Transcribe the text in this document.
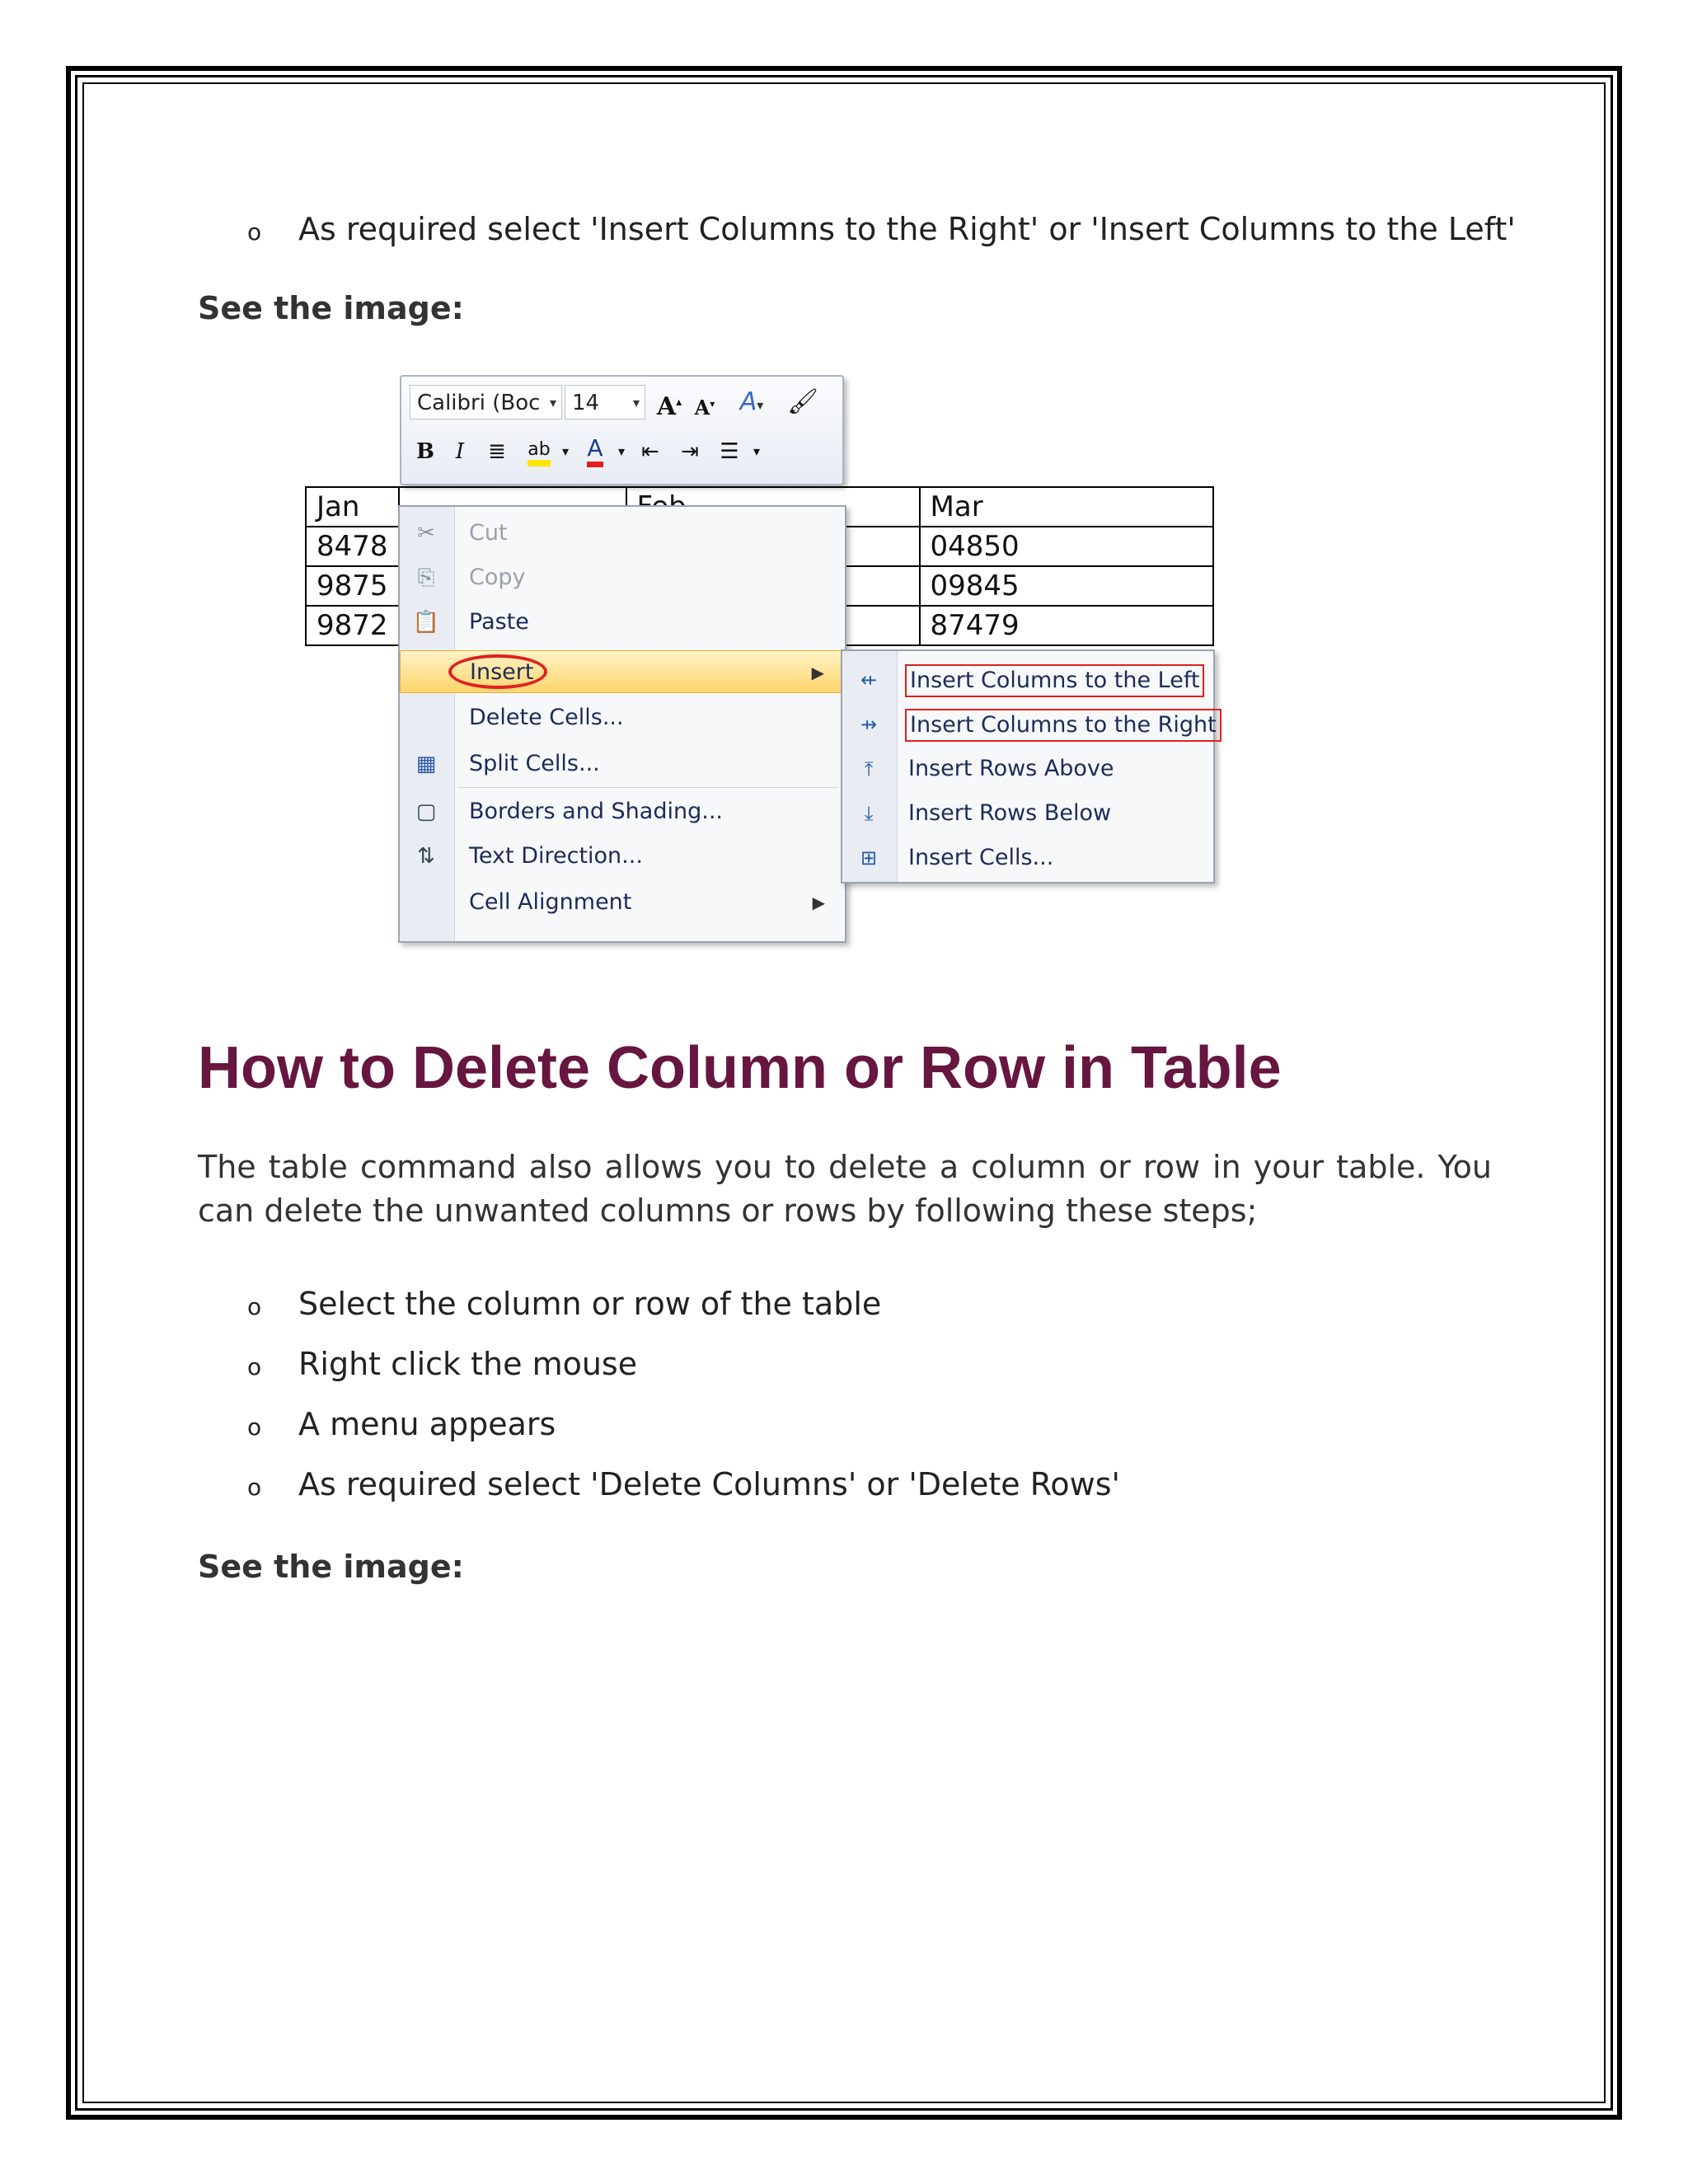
o As required select 'Insert Columns to the Right' or 'Insert Columns to the Left'
See the image:
Jan			Mar
8478			04850
9875			09845
9872			87479
Calibri (Boc ▾ 14	▾ A▴ A▾	A▾ 🖌
B I	≣	ab ▾ A	▾ ⇤	⇥ ☰	▾
✂ Cut
⎘ Copy
📋 Paste
Insert	▶
Delete Cells...
▦ Split Cells...
▢ Borders and Shading...
⇅ Text Direction...
Cell Alignment	▶
⇷ Insert Columns to the Left
⇸ Insert Columns to the Right
⤒	Insert Rows Above
⤓	Insert Rows Below
⊞ Insert Cells...
How to Delete Column or Row in Table
The table command also allows you to delete a column or row in your table. You can delete the unwanted columns or rows by following these steps;
o Select the column or row of the table
o Right click the mouse
o A menu appears
o As required select 'Delete Columns' or 'Delete Rows'
See the image:
